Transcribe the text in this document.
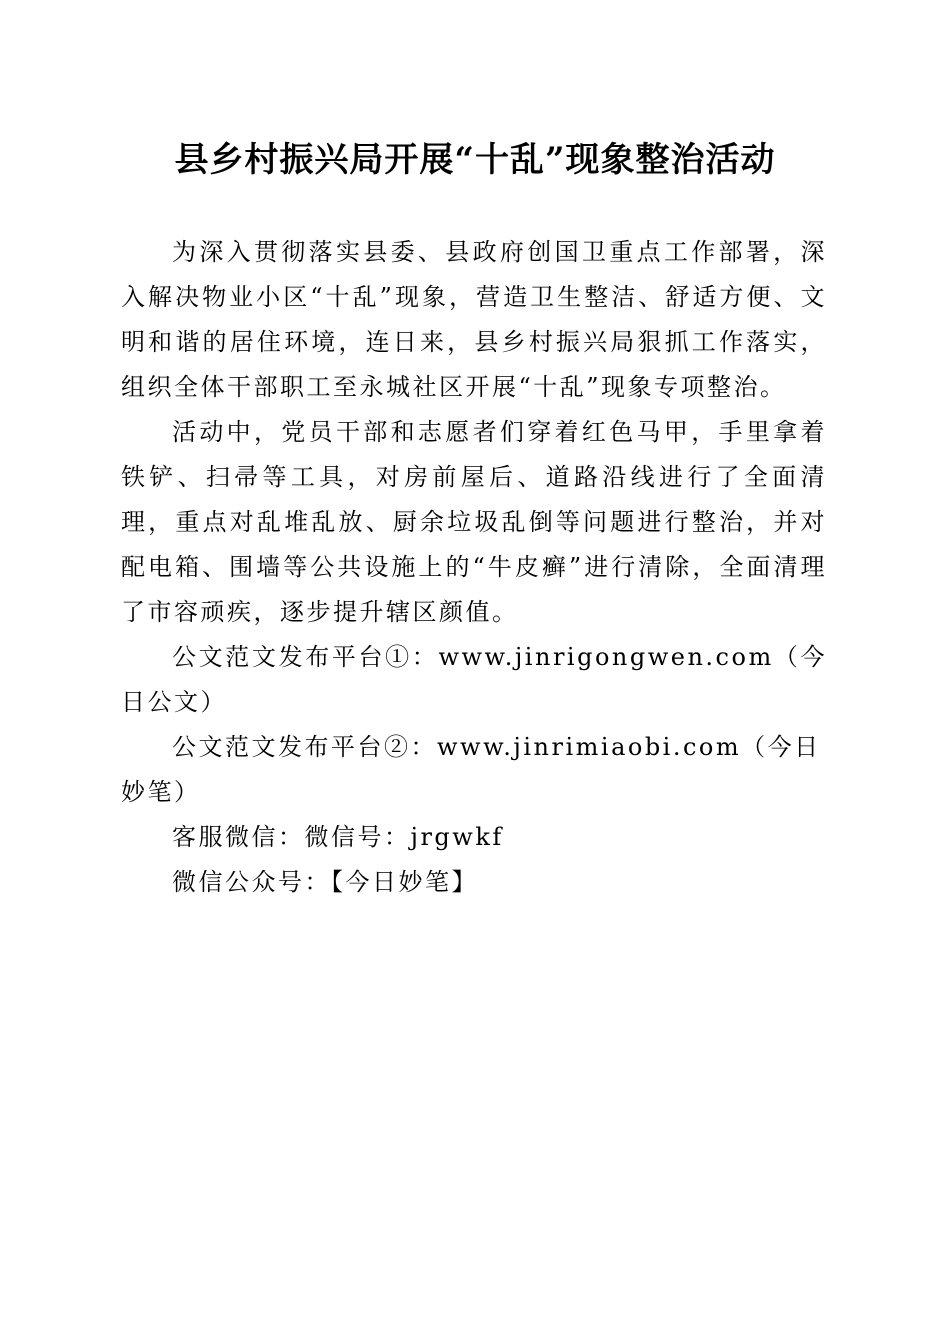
县乡村振兴局开展“十乱”现象整治活动

为深入贯彻落实县委、县政府创国卫重点工作部署，深入解决物业小区“十乱”现象，营造卫生整洁、舒适方便、文明和谐的居住环境，连日来，县乡村振兴局狠抓工作落实，组织全体干部职工至永城社区开展“十乱”现象专项整治。

活动中，党员干部和志愿者们穿着红色马甲，手里拿着铁铲、扫帚等工具，对房前屋后、道路沿线进行了全面清理，重点对乱堆乱放、厨余垃圾乱倒等问题进行整治，并对配电箱、围墙等公共设施上的“牛皮癣”进行清除，全面清理了市容顽疾，逐步提升辖区颜值。

公文范文发布平台①：www.jinrigongwen.com（今日公文）

公文范文发布平台②：www.jinrimiaobi.com（今日妙笔）

客服微信：微信号：jrgwkf

微信公众号：【今日妙笔】
